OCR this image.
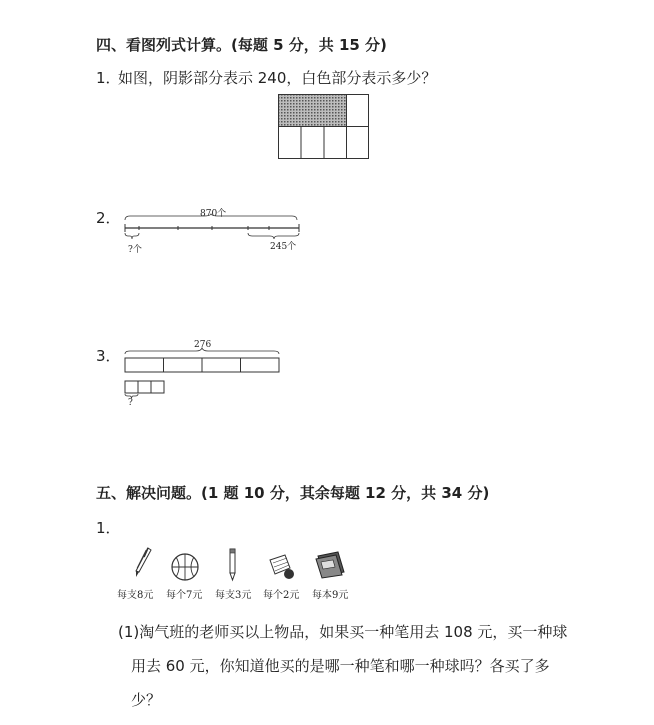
四、看图列式计算。(每题 5 分，共 15 分)
1．
如图，阴影部分表示 240，白色部分表示多少？
2．	870个
?个	245个
3．
276
?
五、解决问题。(1 题 10 分，其余每题 12 分，共 34 分)
1．
每支8元 每个7元 每支3元 每个2元 每本9元
(1)淘气班的老师买以上物品，如果买一种笔用去 108 元，买一种球
用去 60 元，你知道他买的是哪一种笔和哪一种球吗？各买了多
少？
